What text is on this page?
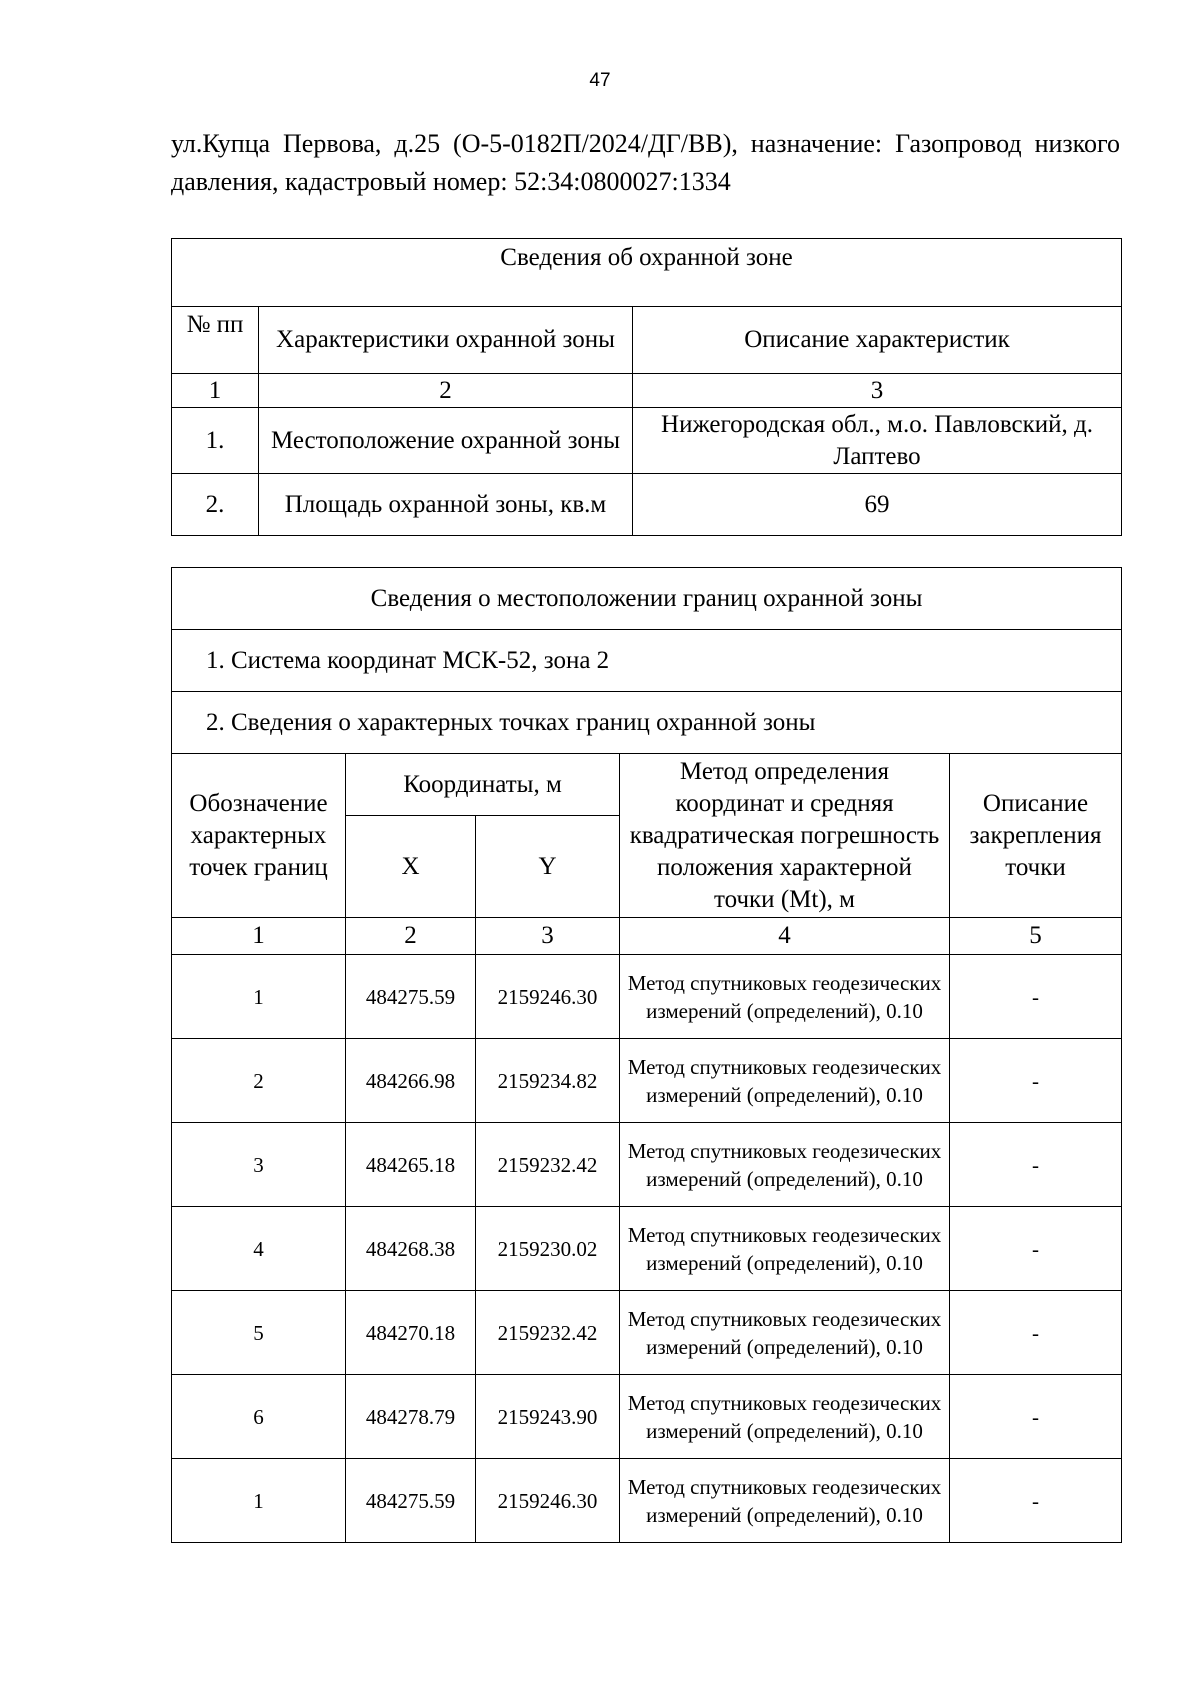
47
ул.Купца Первова, д.25 (О-5-0182П/2024/ДГ/ВВ), назначение: Газопровод низкого давления, кадастровый номер: 52:34:0800027:1334
Сведения об охранной зоне		
№ пп	Характеристики охранной зоны	Описание характеристик
1	2	3
1.	Местоположение охранной зоны	Нижегородская обл., м.о. Павловский, д. Лаптево
2.	Площадь охранной зоны, кв.м	69
Сведения о местоположении границ охранной зоны				
1. Система координат МСК-52, зона 2				
2. Сведения о характерных точках границ охранной зоны				
Обозначение характерных точек границ	Координаты, м		Метод определения координат и средняя квадратическая погрешность положения характерной точки (Mt), м	Описание закрепления точки
	X	Y		
1	2	3	4	5
1	484275.59	2159246.30	Метод спутниковых геодезических измерений (определений), 0.10	-
2	484266.98	2159234.82	Метод спутниковых геодезических измерений (определений), 0.10	-
3	484265.18	2159232.42	Метод спутниковых геодезических измерений (определений), 0.10	-
4	484268.38	2159230.02	Метод спутниковых геодезических измерений (определений), 0.10	-
5	484270.18	2159232.42	Метод спутниковых геодезических измерений (определений), 0.10	-
6	484278.79	2159243.90	Метод спутниковых геодезических измерений (определений), 0.10	-
1	484275.59	2159246.30	Метод спутниковых геодезических измерений (определений), 0.10	-
